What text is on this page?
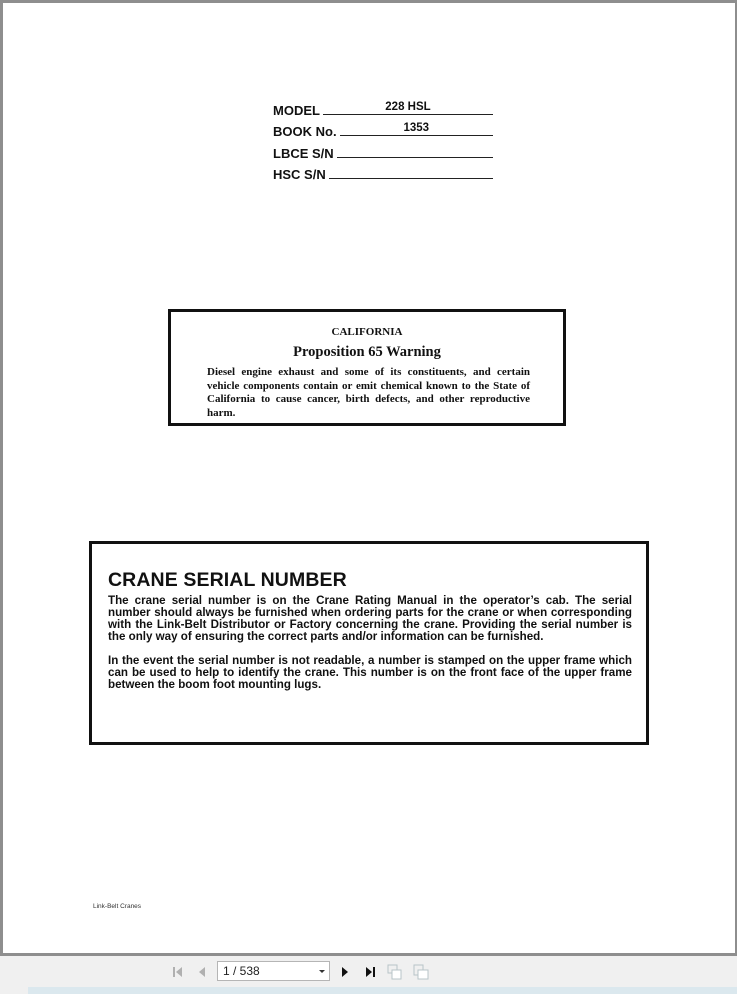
MODEL	228 HSL
BOOK No.	1353
LBCE S/N
HSC S/N
CALIFORNIA
Proposition 65 Warning
Diesel engine exhaust and some of its constituents, and certain vehicle components contain or emit chemical known to the State of California to cause cancer, birth defects, and other reproductive harm.
CRANE SERIAL NUMBER

The crane serial number is on the Crane Rating Manual in the operator’s cab. The serial number should always be furnished when ordering parts for the crane or when corresponding with the Link-Belt Distributor or Factory concerning the crane. Providing the serial number is the only way of ensuring the correct parts and/or information can be furnished.

In the event the serial number is not readable, a number is stamped on the upper frame which can be used to help to identify the crane. This number is on the front face of the upper frame between the boom foot mounting lugs.

Link-Belt Cranes
1 / 538
